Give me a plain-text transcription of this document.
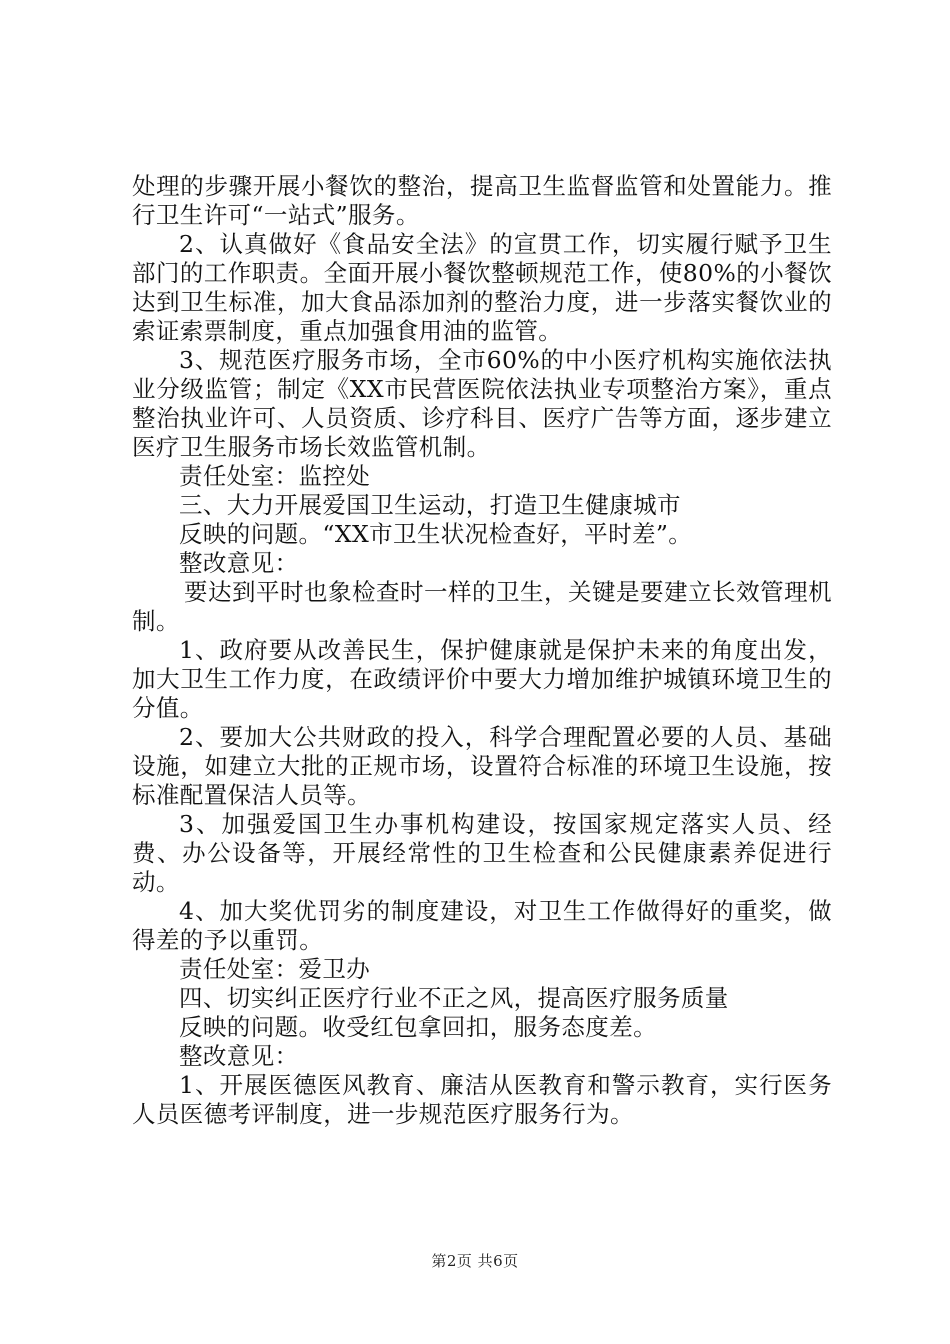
处理的步骤开展小餐饮的整治，提高卫生监督监管和处置能力。推行卫生许可“一站式”服务。

2、认真做好《食品安全法》的宣贯工作，切实履行赋予卫生部门的工作职责。全面开展小餐饮整顿规范工作，使80%的小餐饮达到卫生标准，加大食品添加剂的整治力度，进一步落实餐饮业的索证索票制度，重点加强食用油的监管。

3、规范医疗服务市场，全市60%的中小医疗机构实施依法执业分级监管；制定《XX市民营医院依法执业专项整治方案》，重点整治执业许可、人员资质、诊疗科目、医疗广告等方面，逐步建立医疗卫生服务市场长效监管机制。

责任处室：监控处

三、大力开展爱国卫生运动，打造卫生健康城市

反映的问题。“XX市卫生状况检查好，平时差”。

整改意见：

要达到平时也象检查时一样的卫生，关键是要建立长效管理机制。

1、政府要从改善民生，保护健康就是保护未来的角度出发，加大卫生工作力度，在政绩评价中要大力增加维护城镇环境卫生的分值。

2、要加大公共财政的投入，科学合理配置必要的人员、基础设施，如建立大批的正规市场，设置符合标准的环境卫生设施，按标准配置保洁人员等。

3、加强爱国卫生办事机构建设，按国家规定落实人员、经费、办公设备等，开展经常性的卫生检查和公民健康素养促进行动。

4、加大奖优罚劣的制度建设，对卫生工作做得好的重奖，做得差的予以重罚。

责任处室：爱卫办

四、切实纠正医疗行业不正之风，提高医疗服务质量

反映的问题。收受红包拿回扣，服务态度差。

整改意见：

1、开展医德医风教育、廉洁从医教育和警示教育，实行医务人员医德考评制度，进一步规范医疗服务行为。

第2页 共6页
